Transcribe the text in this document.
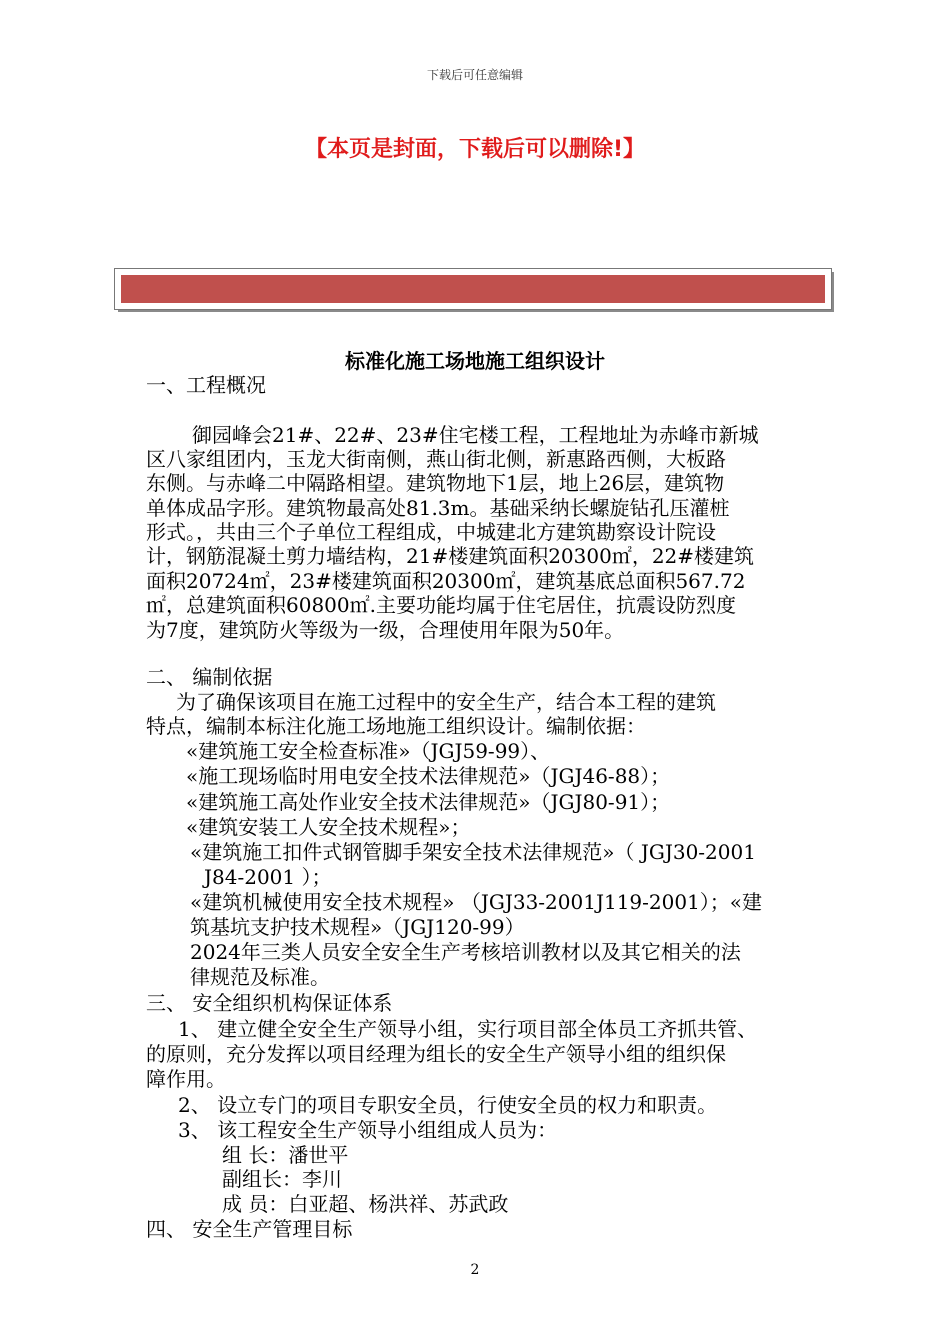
下载后可任意编辑
【本页是封面，下载后可以删除!】
标准化施工场地施工组织设计
一、工程概况
御园峰会21#、22#、23#住宅楼工程，工程地址为赤峰市新城
区八家组团内，玉龙大街南侧，燕山街北侧，新惠路西侧，大板路
东侧。与赤峰二中隔路相望。建筑物地下1层，地上26层，建筑物
单体成品字形。建筑物最高处81.3m。基础采纳长螺旋钻孔压灌桩
形式。，共由三个子单位工程组成，中城建北方建筑勘察设计院设
计，钢筋混凝土剪力墙结构，21#楼建筑面积20300㎡，22#楼建筑
面积20724㎡，23#楼建筑面积20300㎡，建筑基底总面积567.72
㎡，总建筑面积60800㎡.主要功能均属于住宅居住，抗震设防烈度
为7度，建筑防火等级为一级，合理使用年限为50年。
二、 编制依据
为了确保该项目在施工过程中的安全生产，结合本工程的建筑
特点，编制本标注化施工场地施工组织设计。编制依据：
«建筑施工安全检查标准»（JGJ59-99）、
«施工现场临时用电安全技术法律规范»（JGJ46-88）；
«建筑施工高处作业安全技术法律规范»（JGJ80-91）；
«建筑安装工人安全技术规程»；
«建筑施工扣件式钢管脚手架安全技术法律规范»（ JGJ30-2001
J84-2001 ）；
«建筑机械使用安全技术规程» （JGJ33-2001J119-2001）；«建
筑基坑支护技术规程»（JGJ120-99）
2024年三类人员安全安全生产考核培训教材以及其它相关的法
律规范及标准。
三、 安全组织机构保证体系
1、 建立健全安全生产领导小组，实行项目部全体员工齐抓共管、
的原则，充分发挥以项目经理为组长的安全生产领导小组的组织保
障作用。
2、 设立专门的项目专职安全员，行使安全员的权力和职责。
3、 该工程安全生产领导小组组成人员为：
组 长：潘世平
副组长：李川
成 员：白亚超、杨洪祥、苏武政
四、 安全生产管理目标
2
